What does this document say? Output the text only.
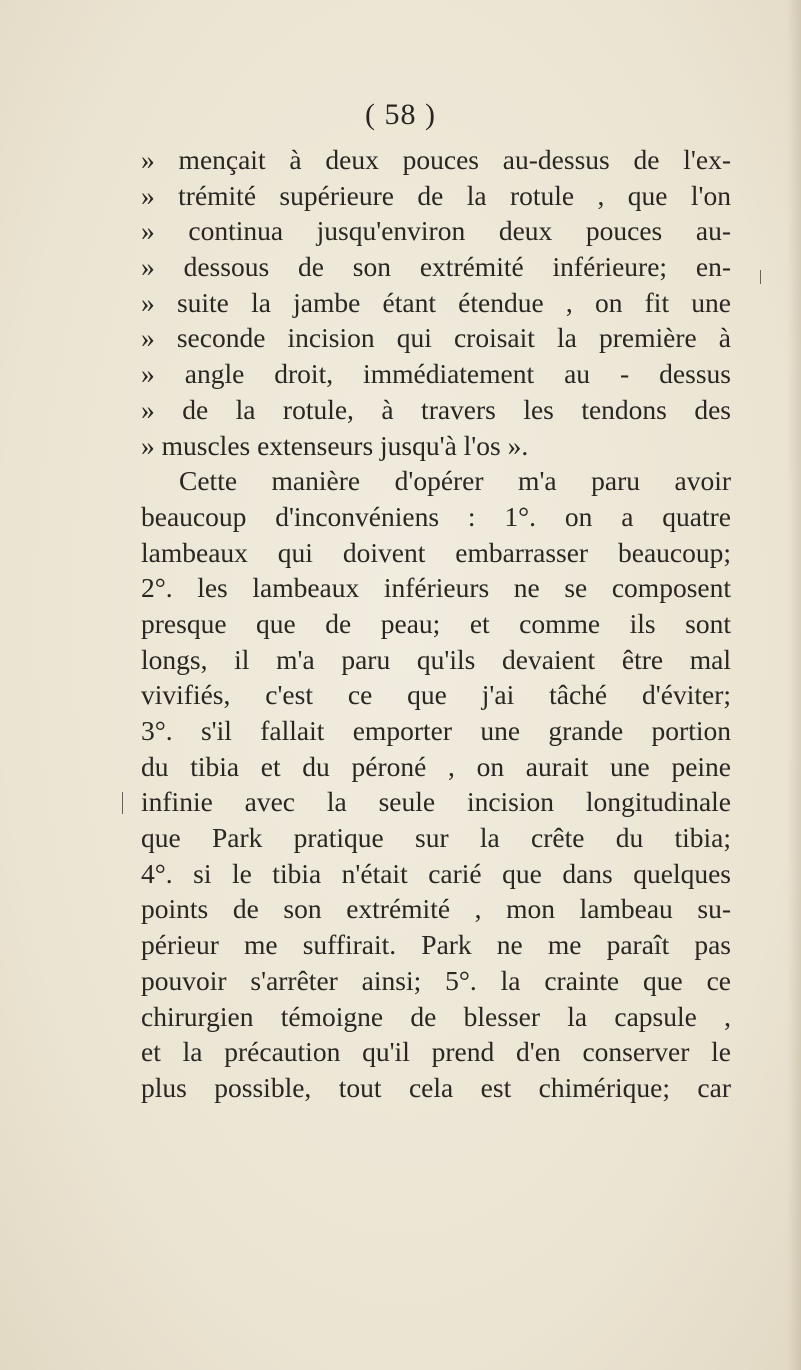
( 58 )
» mençait à deux pouces au-dessus de l'ex-
» trémité supérieure de la rotule , que l'on
» continua jusqu'environ deux pouces au-
» dessous de son extrémité inférieure; en-
» suite la jambe étant étendue , on fit une
» seconde incision qui croisait la première à
» angle droit, immédiatement au - dessus
» de la rotule, à travers les tendons des
» muscles extenseurs jusqu'à l'os ».
Cette manière d'opérer m'a paru avoir
beaucoup d'inconvéniens : 1°. on a quatre
lambeaux qui doivent embarrasser beaucoup;
2°. les lambeaux inférieurs ne se composent
presque que de peau; et comme ils sont
longs, il m'a paru qu'ils devaient être mal
vivifiés, c'est ce que j'ai tâché d'éviter;
3°. s'il fallait emporter une grande portion
du tibia et du péroné , on aurait une peine
infinie avec la seule incision longitudinale
que Park pratique sur la crête du tibia;
4°. si le tibia n'était carié que dans quelques
points de son extrémité , mon lambeau su-
périeur me suffirait. Park ne me paraît pas
pouvoir s'arrêter ainsi; 5°. la crainte que ce
chirurgien témoigne de blesser la capsule ,
et la précaution qu'il prend d'en conserver le
plus possible, tout cela est chimérique; car
